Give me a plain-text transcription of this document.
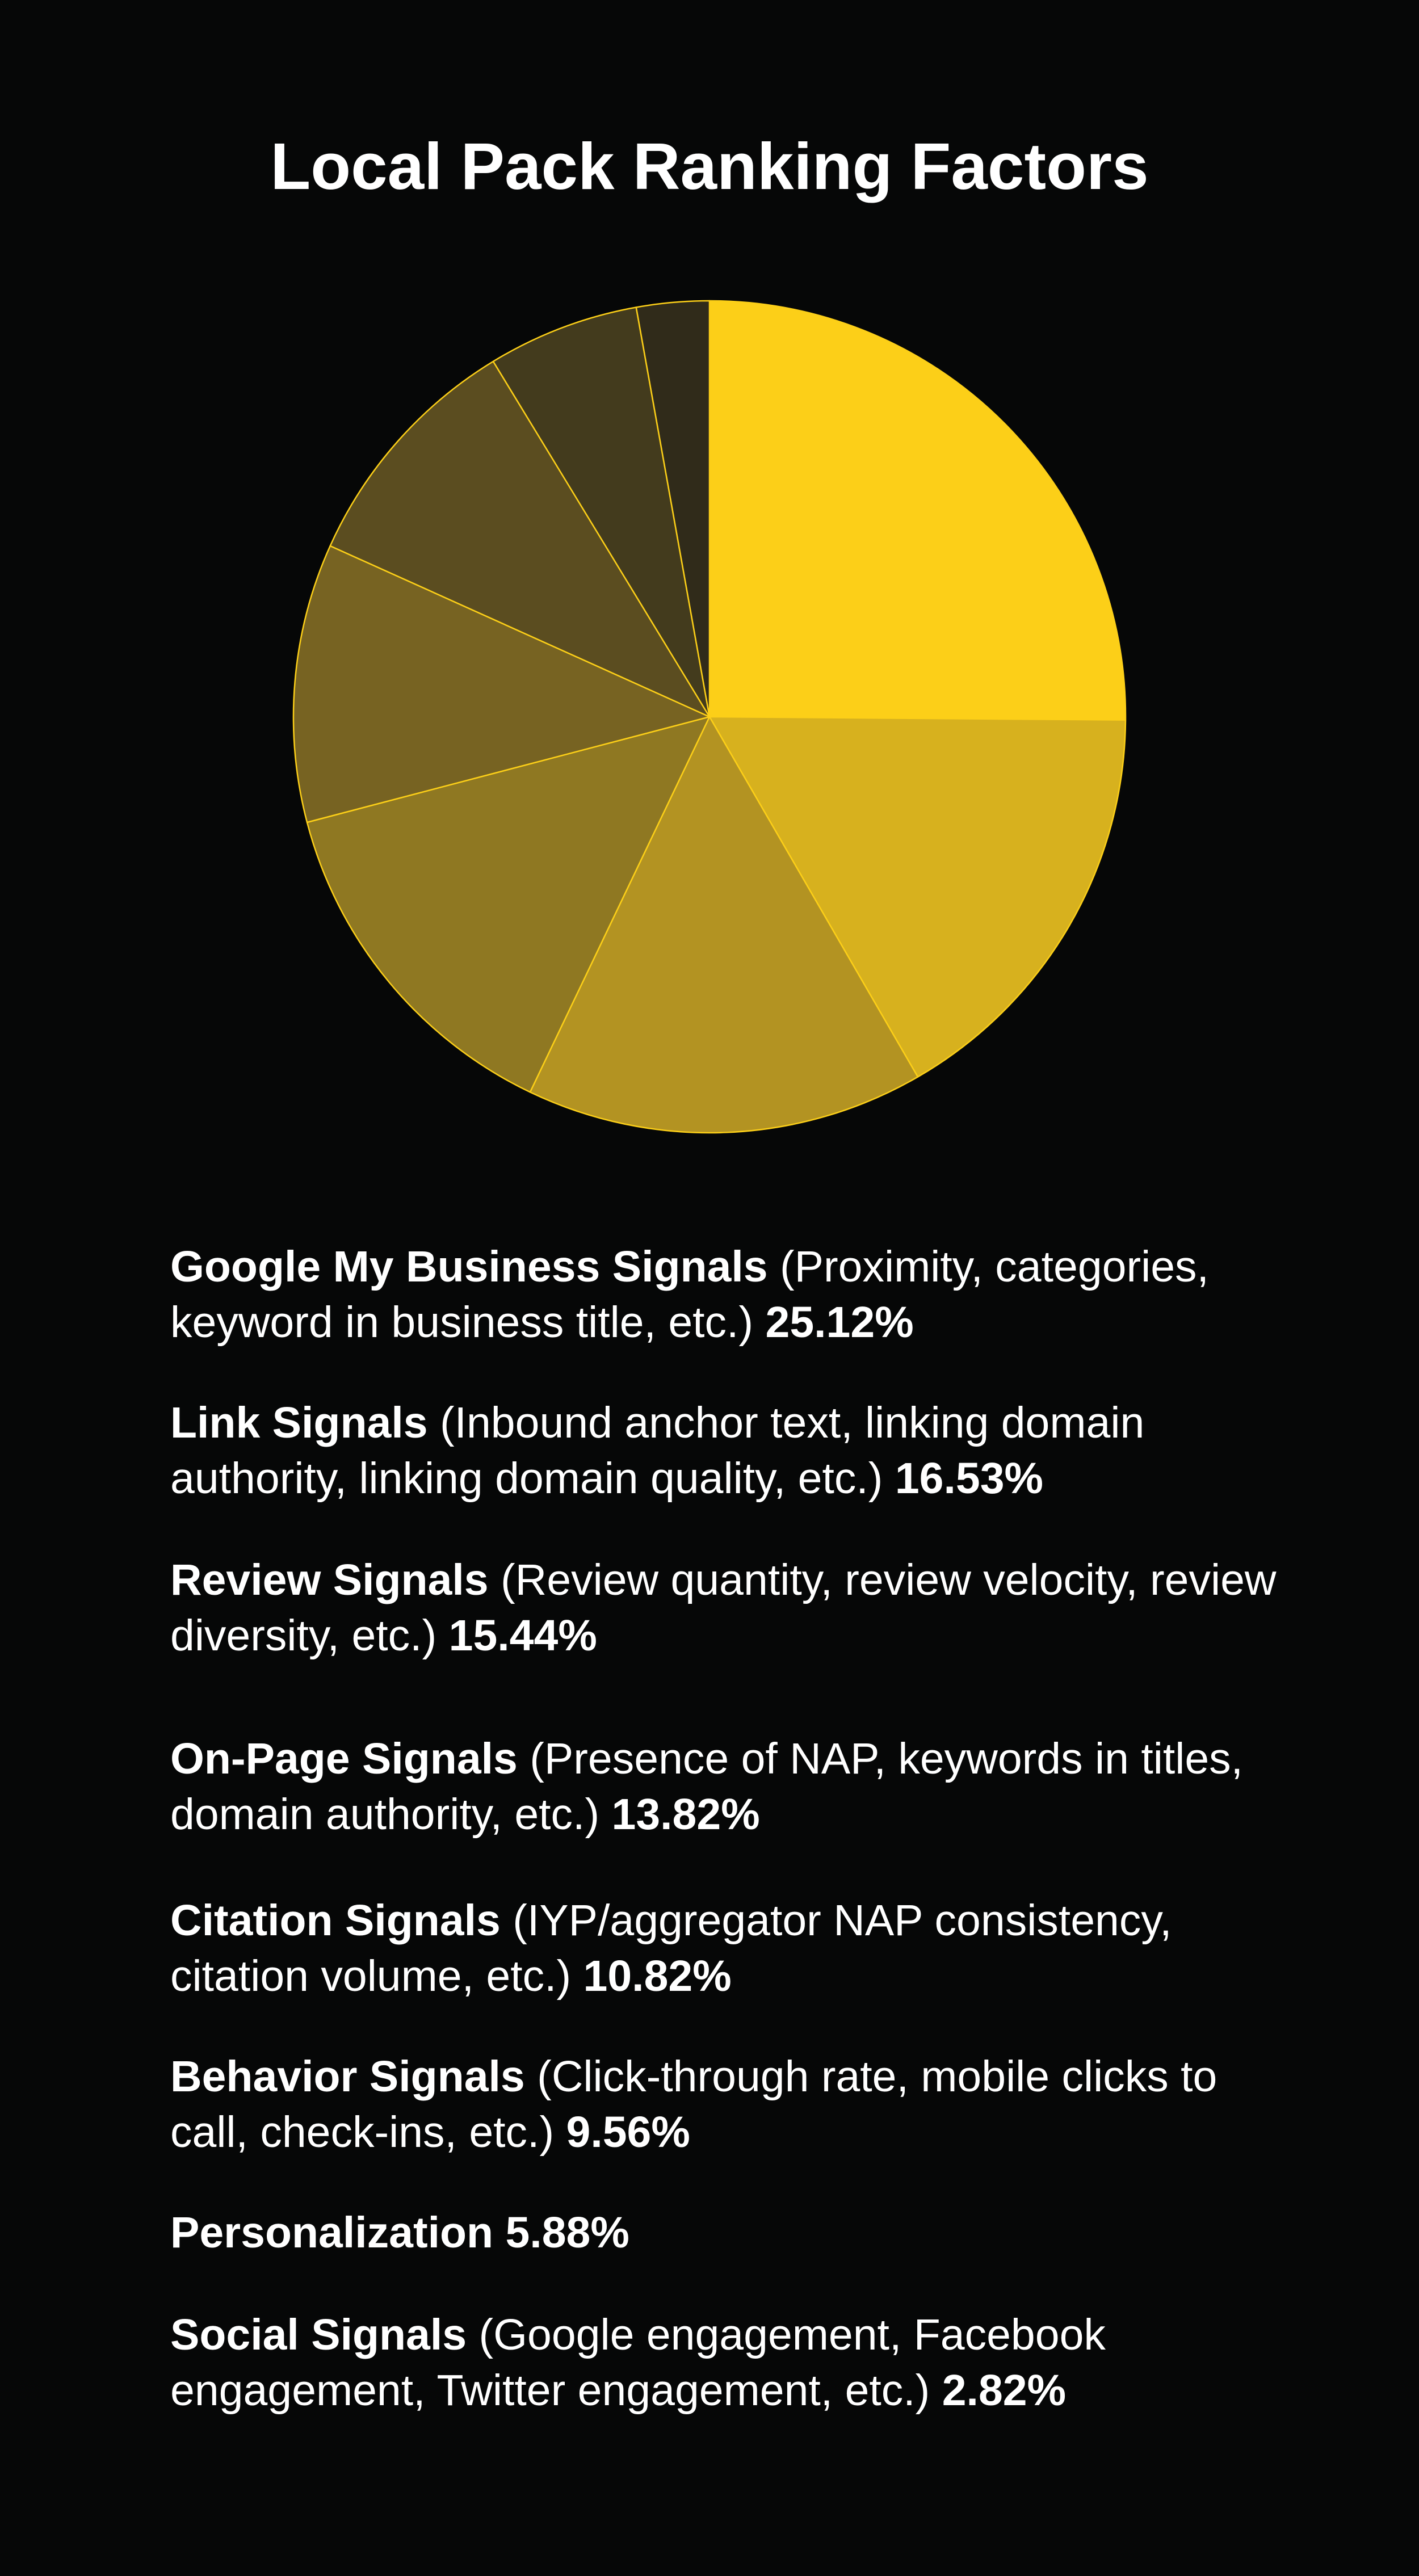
Local Pack Ranking Factors
Google My Business Signals (Proximity, categories, keyword in business title, etc.) 25.12%
Link Signals (Inbound anchor text, linking domain authority, linking domain quality, etc.) 16.53%
Review Signals (Review quantity, review velocity, review diversity, etc.) 15.44%
On-Page Signals (Presence of NAP, keywords in titles, domain authority, etc.) 13.82%
Citation Signals (IYP/aggregator NAP consistency, citation volume, etc.) 10.82%
Behavior Signals (Click-through rate, mobile clicks to call, check-ins, etc.) 9.56%
Personalization 5.88%
Social Signals (Google engagement, Facebook engagement, Twitter engagement, etc.) 2.82%
